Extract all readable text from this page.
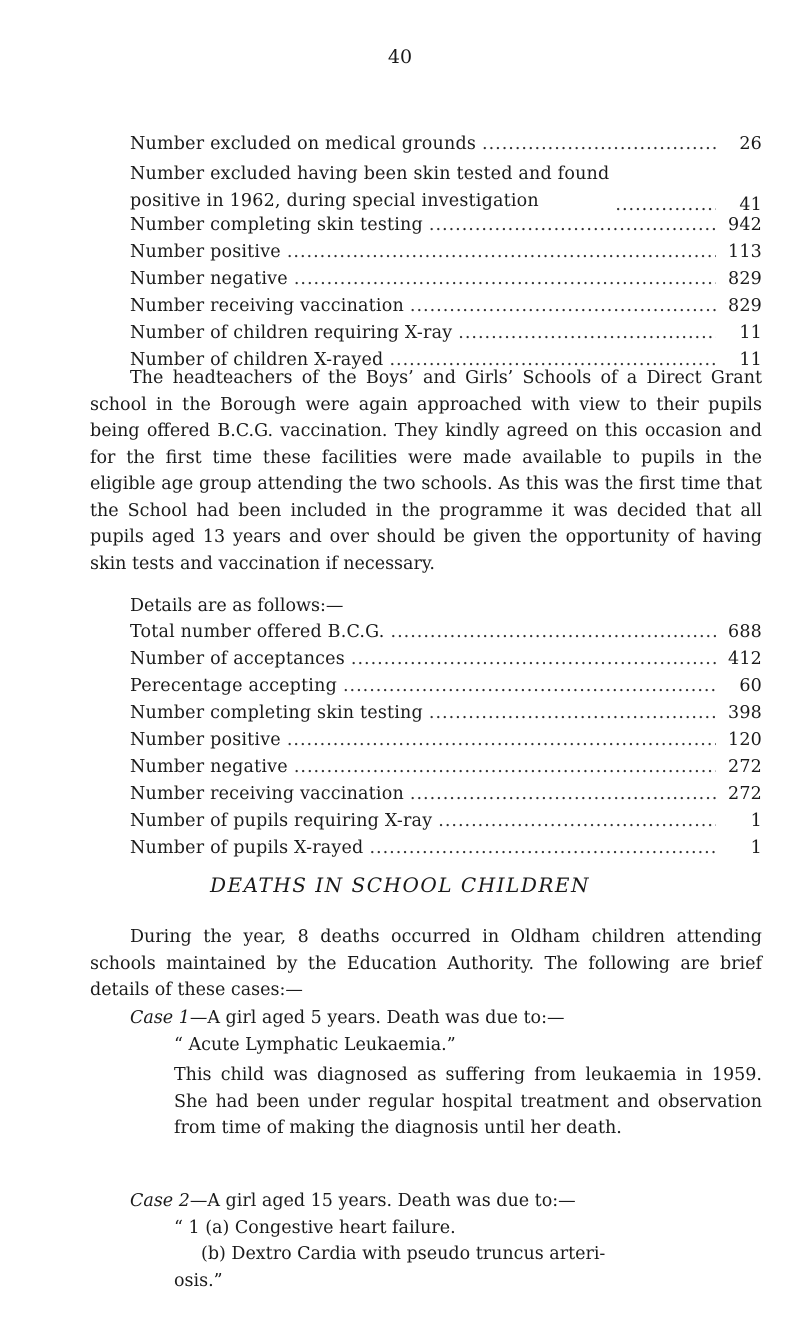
40
Number excluded on medical grounds .....	26
Number excluded having been skin tested and found
positive in 1962, during special investigation .....	41
Number completing skin testing .....	942
Number positive .....	113
Number negative .....	829
Number receiving vaccination .....	829
Number of children requiring X-ray .....	11
Number of children X-rayed .....	11

The headteachers of the Boys’ and Girls’ Schools of a Direct Grant school in the Borough were again approached with view to their pupils being offered B.C.G. vaccination. They kindly agreed on this occasion and for the first time these facilities were made available to pupils in the eligible age group attending the two schools. As this was the first time that the School had been included in the programme it was decided that all pupils aged 13 years and over should be given the opportunity of having skin tests and vaccination if necessary.

Details are as follows:—
Total number offered B.C.G. .....	688
Number of acceptances .....	412
Perecentage accepting .....	60
Number completing skin testing .....	398
Number positive .....	120
Number negative .....	272
Number receiving vaccination .....	272
Number of pupils requiring X-ray .....	1
Number of pupils X-rayed .....	1
DEATHS IN SCHOOL CHILDREN

During the year, 8 deaths occurred in Oldham children attending schools maintained by the Education Authority. The following are brief details of these cases:—

Case 1—A girl aged 5 years. Death was due to:—
“ Acute Lymphatic Leukaemia.”
This child was diagnosed as suffering from leukaemia in 1959. She had been under regular hospital treatment and observation from time of making the diagnosis until her death.
Case 2—A girl aged 15 years. Death was due to:—
“ 1 (a) Congestive heart failure.
(b) Dextro Cardia with pseudo truncus arteri-
osis.”
